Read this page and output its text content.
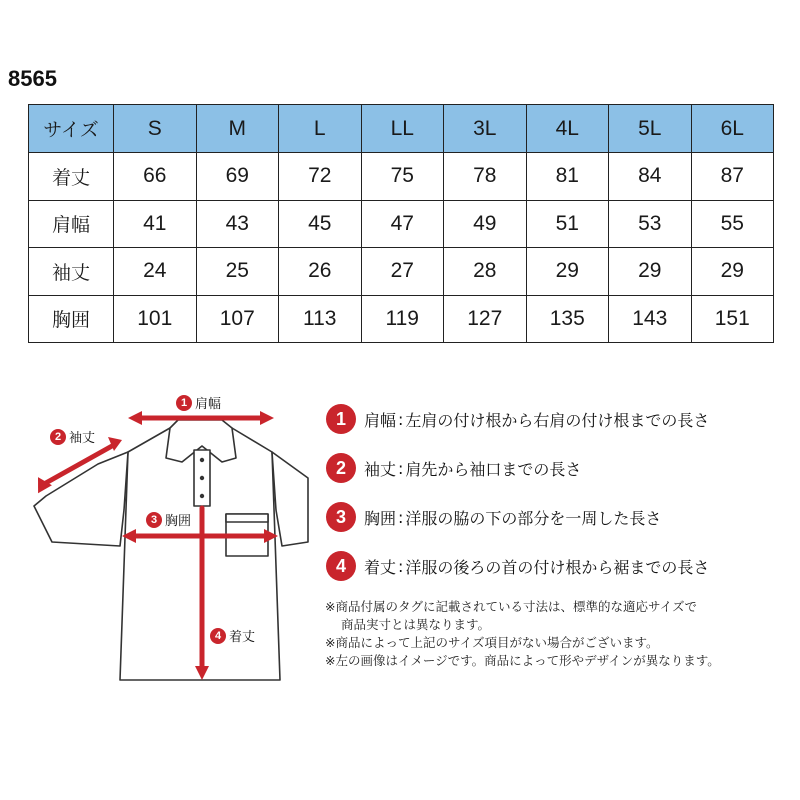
8565
サイズ	S	M	L	LL	3L	4L	5L	6L
着丈	66	69	72	75	78	81	84	87
肩幅	41	43	45	47	49	51	53	55
袖丈	24	25	26	27	28	29	29	29
胸囲	101	107	113	119	127	135	143	151
1 肩幅
2 袖丈
3 胸囲
4 着丈
1	肩幅 : 左肩の付け根から右肩の付け根までの長さ
2	袖丈 : 肩先から袖口までの長さ
3	胸囲 : 洋服の脇の下の部分を一周した長さ
4	着丈 : 洋服の後ろの首の付け根から裾までの長さ
※商品付属のタグに記載されている寸法は、標準的な適応サイズで
商品実寸とは異なります。
※商品によって上記のサイズ項目がない場合がございます。
※左の画像はイメージです。商品によって形やデザインが異なります。
